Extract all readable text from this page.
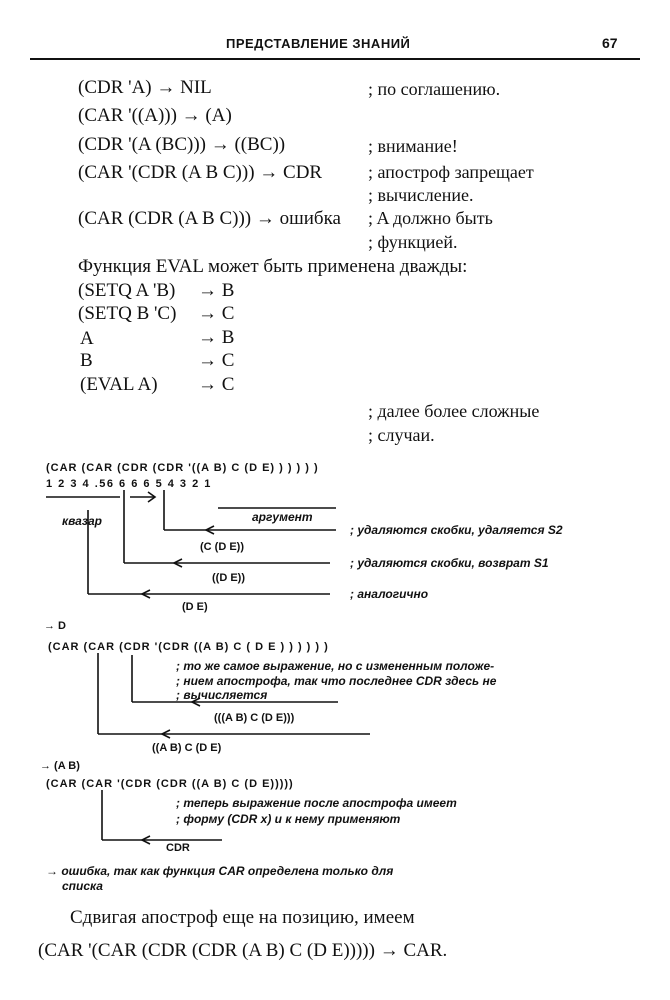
ПРЕДСТАВЛЕНИЕ ЗНАНИЙ	67
(CDR 'A) → NIL	; по соглашению.
(CAR '((A))) → (A)
(CDR '(A (BC))) → ((BC))	; внимание!
(CAR '(CDR (A B C))) → CDR	; апостроф запрещает
; вычисление.
(CAR (CDR (A B C))) → ошибка ; A должно быть
; функцией.
Функция EVAL может быть применена дважды:
(SETQ A 'B) → B
(SETQ B 'C) → C
A	→ B
B	→ C
(EVAL A) → C
; далее более сложные
; случаи.
(CAR (CAR (CDR (CDR '((A B) C (D E) ) ) ) ) )
1 2 3 4 .56 6 6 6 5 4 3 2 1
квазар	аргумент
(C (D E))
((D E))
(D E)
; удаляются скобки, удаляется S2
; удаляются скобки, возврат S1
; аналогично
→ D
(CAR (CAR (CDR '(CDR ((A B) C ( D E ) ) ) ) ) )
; то же самое выражение, но с измененным положе-
; нием апострофа, так что последнее CDR здесь не
; вычисляется
(((A B) C (D E)))
((A B) C (D E)
→ (A B)
(CAR (CAR '(CDR (CDR ((A B) C (D E)))))
; теперь выражение после апострофа имеет
; форму (CDR x) и к нему применяют
CDR
→ ошибка, так как функция CAR определена только для
списка
Сдвигая апостроф еще на позицию, имеем
(CAR '(CAR (CDR (CDR (A B) C (D E))))) → CAR.
